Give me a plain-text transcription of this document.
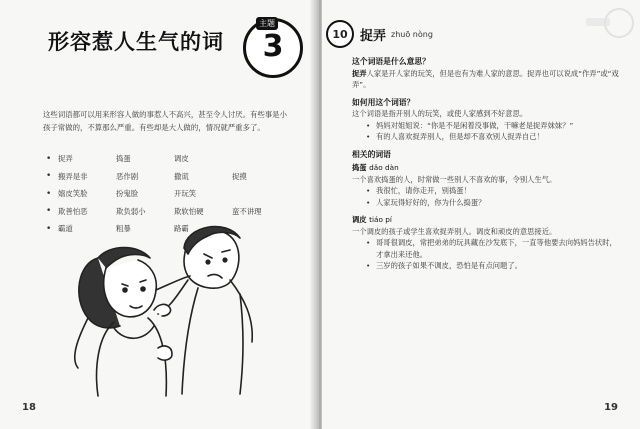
形容惹人生气的词
主题
3
这些词语都可以用来形容人做的事惹人不高兴，甚至令人讨厌。有些事是小孩子常做的，不算那么严重。有些却是大人做的，情况就严重多了。
• 捉弄	捣蛋	调皮
• 搬弄是非	恶作剧	撒谎	捉摸
• 嬉皮笑脸	扮鬼脸	开玩笑
• 欺善怕恶	欺负弱小	欺软怕硬	蛮不讲理
• 霸道	粗暴	路霸
18
10 捉弄 zhuō nòng
这个词语是什么意思？
捉弄人家是开人家的玩笑，但是也有为难人家的意思。捉弄也可以说成“作弄”或“戏弄”。
如何用这个词语？
这个词语是指开别人的玩笑，或使人家感到不好意思。
• 妈妈对姐姐说：“你是不是闲着没事做，干嘛老是捉弄妹妹？”
• 有的人喜欢捉弄别人，但是却不喜欢别人捉弄自己！
相关的词语
捣蛋 dǎo dàn
一个喜欢捣蛋的人，时常做一些别人不喜欢的事，令别人生气。
• 我很忙，请你走开，别捣蛋！
• 人家玩得好好的，你为什么捣蛋？
调皮 tiáo pí
一个调皮的孩子或学生喜欢捉弄别人。调皮和顽皮的意思接近。
• 哥哥很调皮，常把弟弟的玩具藏在沙发底下，一直等他要去向妈妈告状时，才拿出来还他。
• 三岁的孩子如果不调皮，恐怕是有点问题了。
19
